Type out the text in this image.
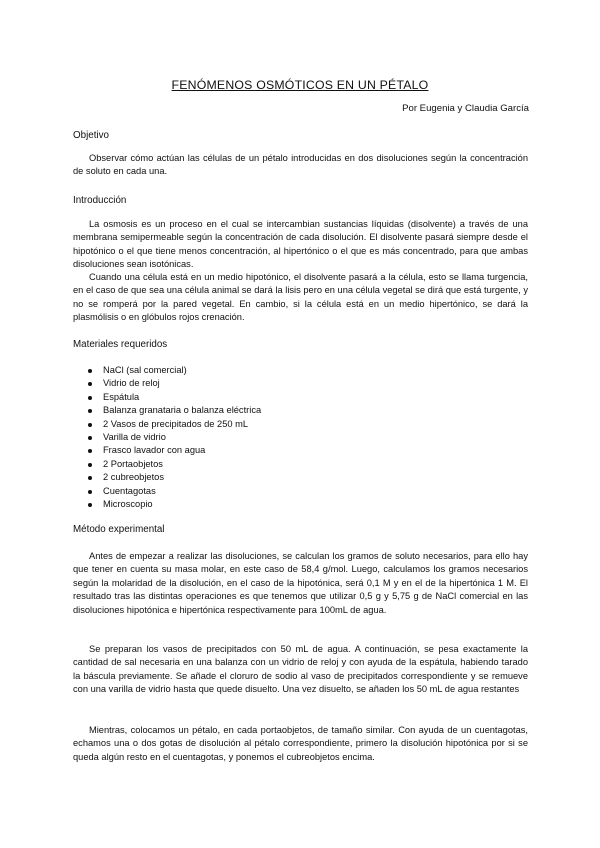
FENÓMENOS OSMÓTICOS EN UN PÉTALO
Por Eugenia y Claudia García
Objetivo

Observar cómo actúan las células de un pétalo introducidas en dos disoluciones según la concentración de soluto en cada una.

Introducción

La osmosis es un proceso en el cual se intercambian sustancias líquidas (disolvente) a través de una membrana semipermeable según la concentración de cada disolución. El disolvente pasará siempre desde el hipotónico o el que tiene menos concentración, al hipertónico o el que es más concentrado, para que ambas disoluciones sean isotónicas.

Cuando una célula está en un medio hipotónico, el disolvente pasará a la célula, esto se llama turgencia, en el caso de que sea una célula animal se dará la lisis pero en una célula vegetal se dirá que está turgente, y no se romperá por la pared vegetal. En cambio, si la célula está en un medio hipertónico, se dará la plasmólisis o en glóbulos rojos crenación.

Materiales requeridos
NaCl (sal comercial)
Vidrio de reloj
Espátula
Balanza granataria o balanza eléctrica
2 Vasos de precipitados de 250 mL
Varilla de vidrio
Frasco lavador con agua
2 Portaobjetos
2 cubreobjetos
Cuentagotas
Microscopio
Método experimental

Antes de empezar a realizar las disoluciones, se calculan los gramos de soluto necesarios, para ello hay que tener en cuenta su masa molar, en este caso de 58,4 g/mol. Luego, calculamos los gramos necesarios según la molaridad de la disolución, en el caso de la hipotónica, será 0,1 M y en el de la hipertónica 1 M. El resultado tras las distintas operaciones es que tenemos que utilizar 0,5 g y 5,75 g de NaCl comercial en las disoluciones hipotónica e hipertónica respectivamente para 100mL de agua.

Se preparan los vasos de precipitados con 50 mL de agua. A continuación, se pesa exactamente la cantidad de sal necesaria en una balanza con un vidrio de reloj y con ayuda de la espátula, habiendo tarado la báscula previamente. Se añade el cloruro de sodio al vaso de precipitados correspondiente y se remueve con una varilla de vidrio hasta que quede disuelto. Una vez disuelto, se añaden los 50 mL de agua restantes

Mientras, colocamos un pétalo, en cada portaobjetos, de tamaño similar. Con ayuda de un cuentagotas, echamos una o dos gotas de disolución al pétalo correspondiente, primero la disolución hipotónica por si se queda algún resto en el cuentagotas, y ponemos el cubreobjetos encima.
